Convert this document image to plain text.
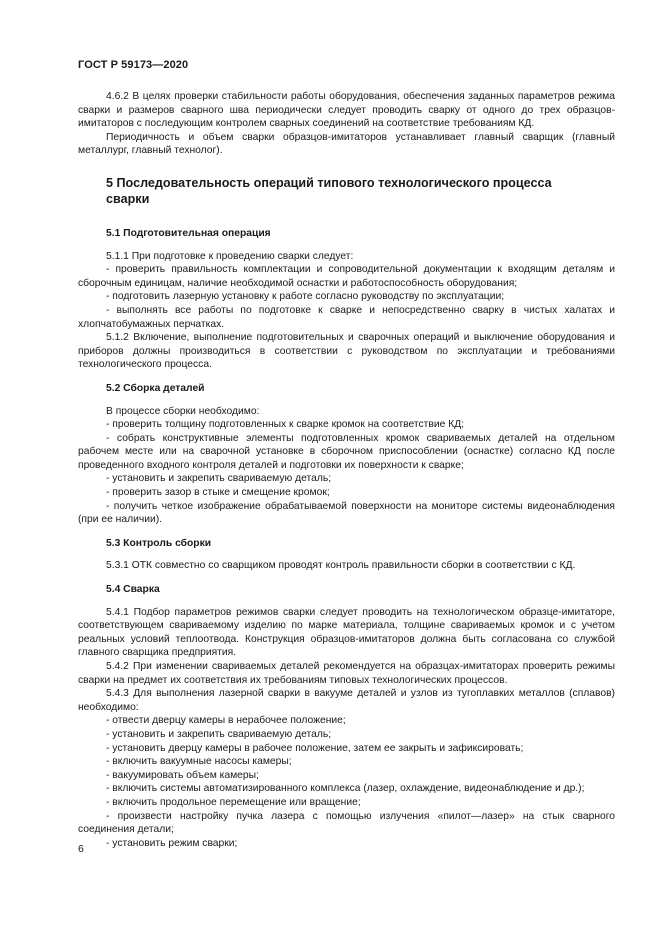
ГОСТ Р 59173—2020

4.6.2 В целях проверки стабильности работы оборудования, обеспечения заданных параметров режима сварки и размеров сварного шва периодически следует проводить сварку от одного до трех образцов-имитаторов с последующим контролем сварных соединений на соответствие требованиям КД.

Периодичность и объем сварки образцов-имитаторов устанавливает главный сварщик (главный металлург, главный технолог).

5 Последовательность операций типового технологического процесса сварки
5.1 Подготовительная операция

5.1.1 При подготовке к проведению сварки следует:

- проверить правильность комплектации и сопроводительной документации к входящим деталям и сборочным единицам, наличие необходимой оснастки и работоспособность оборудования;

- подготовить лазерную установку к работе согласно руководству по эксплуатации;

- выполнять все работы по подготовке к сварке и непосредственно сварку в чистых халатах и хлопчатобумажных перчатках.

5.1.2 Включение, выполнение подготовительных и сварочных операций и выключение оборудования и приборов должны производиться в соответствии с руководством по эксплуатации и требованиями технологического процесса.

5.2 Сборка деталей

В процессе сборки необходимо:

- проверить толщину подготовленных к сварке кромок на соответствие КД;

- собрать конструктивные элементы подготовленных кромок свариваемых деталей на отдельном рабочем месте или на сварочной установке в сборочном приспособлении (оснастке) согласно КД после проведенного входного контроля деталей и подготовки их поверхности к сварке;

- установить и закрепить свариваемую деталь;

- проверить зазор в стыке и смещение кромок;

- получить четкое изображение обрабатываемой поверхности на мониторе системы видеонаблюдения (при ее наличии).

5.3 Контроль сборки

5.3.1 ОТК совместно со сварщиком проводят контроль правильности сборки в соответствии с КД.

5.4 Сварка

5.4.1 Подбор параметров режимов сварки следует проводить на технологическом образце-имитаторе, соответствующем свариваемому изделию по марке материала, толщине свариваемых кромок и с учетом реальных условий теплоотвода. Конструкция образцов-имитаторов должна быть согласована со службой главного сварщика предприятия.

5.4.2 При изменении свариваемых деталей рекомендуется на образцах-имитаторах проверить режимы сварки на предмет их соответствия их требованиям типовых технологических процессов.

5.4.3 Для выполнения лазерной сварки в вакууме деталей и узлов из тугоплавких металлов (сплавов) необходимо:

- отвести дверцу камеры в нерабочее положение;

- установить и закрепить свариваемую деталь;

- установить дверцу камеры в рабочее положение, затем ее закрыть и зафиксировать;

- включить вакуумные насосы камеры;

- вакуумировать объем камеры;

- включить системы автоматизированного комплекса (лазер, охлаждение, видеонаблюдение и др.);

- включить продольное перемещение или вращение;

- произвести настройку пучка лазера с помощью излучения «пилот—лазер» на стык сварного соединения детали;

- установить режим сварки;

6
